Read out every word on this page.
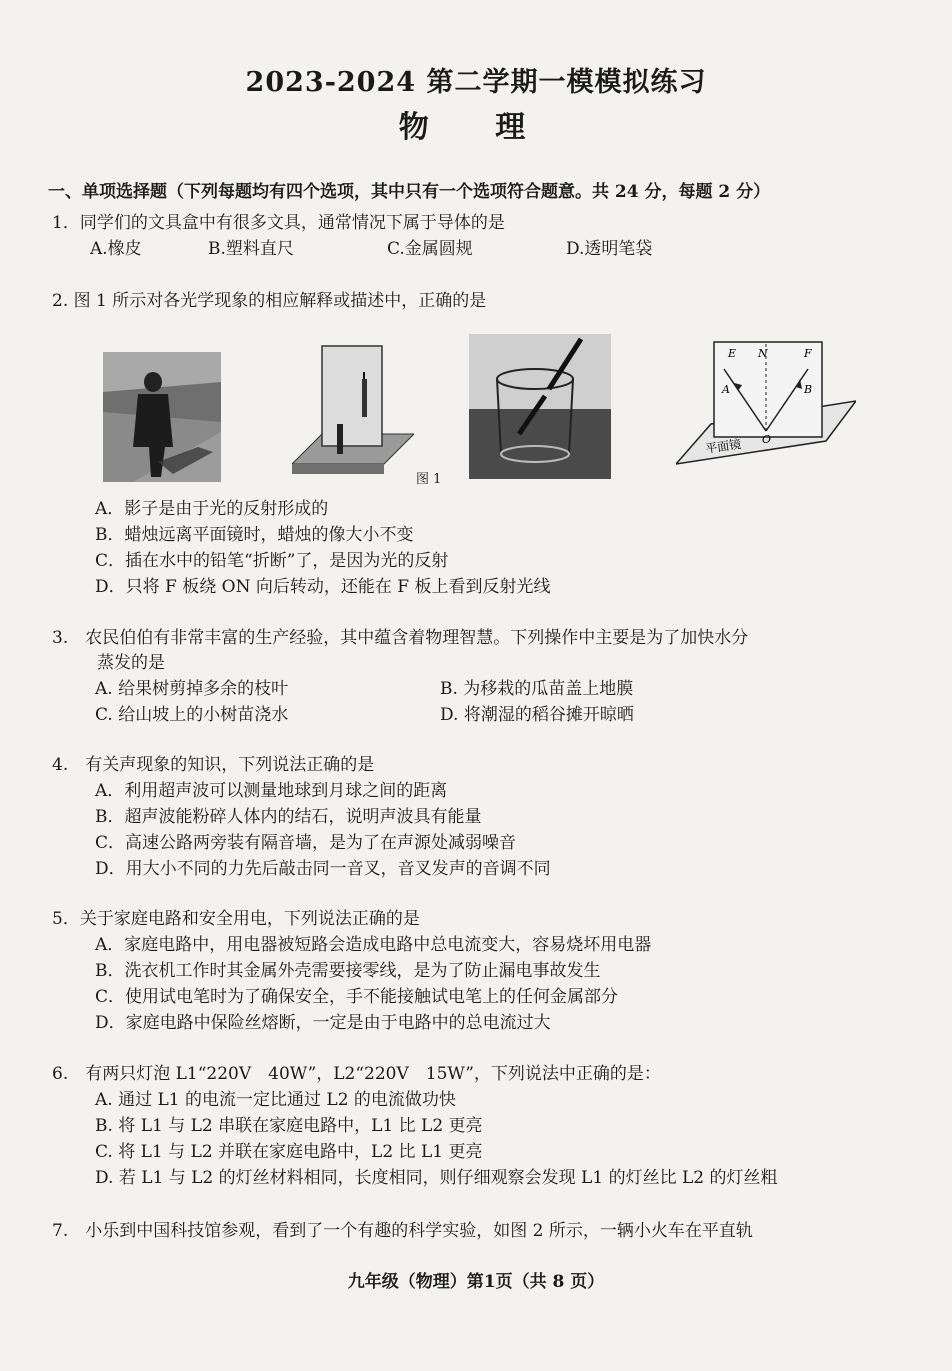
2023-2024 第二学期一模模拟练习
物 理
一、单项选择题（下列每题均有四个选项，其中只有一个选项符合题意。共 24 分，每题 2 分）
1．同学们的文具盒中有很多文具，通常情况下属于导体的是
A.橡皮	B.塑料直尺	C.金属圆规	D.透明笔袋
2. 图 1 所示对各光学现象的相应解释或描述中，正确的是
图 1
E N	F
A	B
O
平面镜
A．影子是由于光的反射形成的
B．蜡烛远离平面镜时，蜡烛的像大小不变
C．插在水中的铅笔“折断”了，是因为光的反射
D．只将 F 板绕 ON 向后转动，还能在 F 板上看到反射光线
3.　农民伯伯有非常丰富的生产经验，其中蕴含着物理智慧。下列操作中主要是为了加快水分
蒸发的是
A. 给果树剪掉多余的枝叶	B. 为移栽的瓜苗盖上地膜
C. 给山坡上的小树苗浇水	D. 将潮湿的稻谷摊开晾晒
4.　有关声现象的知识，下列说法正确的是
A．利用超声波可以测量地球到月球之间的距离
B．超声波能粉碎人体内的结石，说明声波具有能量
C．高速公路两旁装有隔音墙，是为了在声源处减弱噪音
D．用大小不同的力先后敲击同一音叉，音叉发声的音调不同
5．关于家庭电路和安全用电，下列说法正确的是
A．家庭电路中，用电器被短路会造成电路中总电流变大，容易烧坏用电器
B．洗衣机工作时其金属外壳需要接零线，是为了防止漏电事故发生
C．使用试电笔时为了确保安全，手不能接触试电笔上的任何金属部分
D．家庭电路中保险丝熔断，一定是由于电路中的总电流过大
6.　有两只灯泡 L1“220V　40W”，L2“220V　15W”，下列说法中正确的是：
A. 通过 L1 的电流一定比通过 L2 的电流做功快
B. 将 L1 与 L2 串联在家庭电路中，L1 比 L2 更亮
C. 将 L1 与 L2 并联在家庭电路中，L2 比 L1 更亮
D. 若 L1 与 L2 的灯丝材料相同，长度相同，则仔细观察会发现 L1 的灯丝比 L2 的灯丝粗
7.　小乐到中国科技馆参观，看到了一个有趣的科学实验，如图 2 所示，一辆小火车在平直轨
九年级（物理）第1页（共 8 页）
